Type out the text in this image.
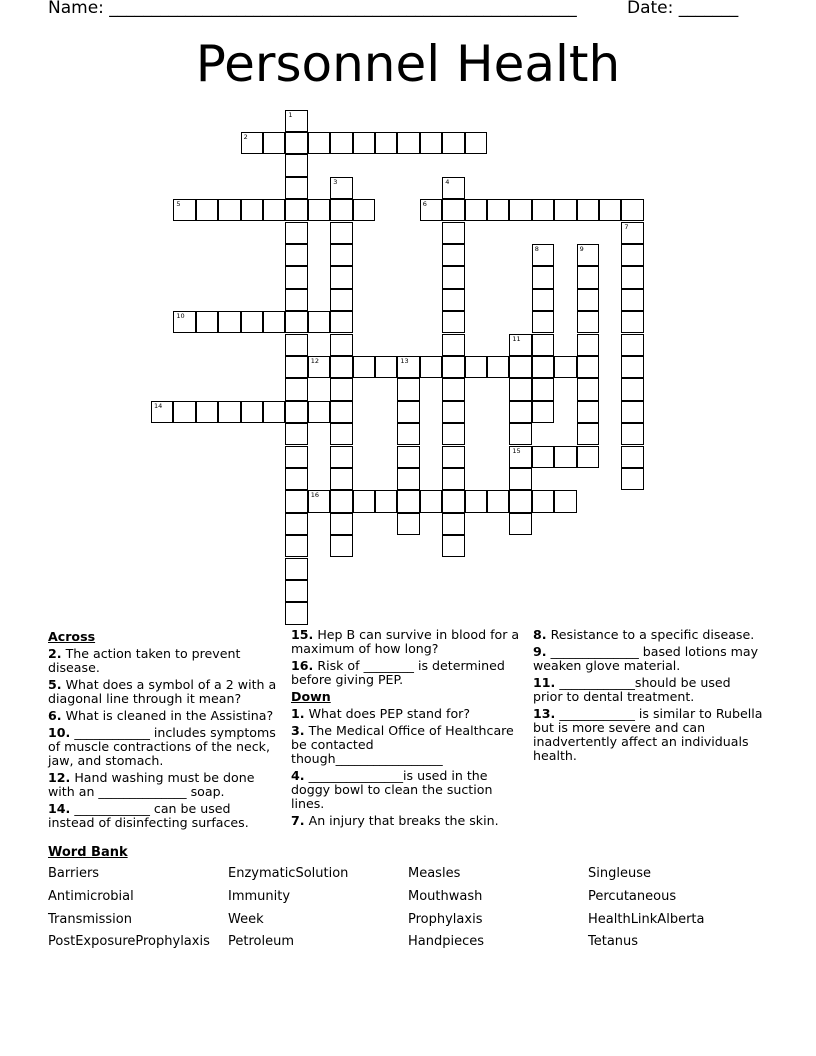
Name: _______________________________________________________	Date: _______
Personnel Health
1
2
3	4
5	6
7
8	9
10
11
15
12	13
14
16
Across
2. The action taken to prevent disease.
5. What does a symbol of a 2 with a diagonal line through it mean?
6. What is cleaned in the Assistina?
10. ____________ includes symptoms of muscle contractions of the neck, jaw, and stomach.
12. Hand washing must be done with an ______________ soap.
14. ____________ can be used instead of disinfecting surfaces.
15. Hep B can survive in blood for a maximum of how long?
16. Risk of ________ is determined before giving PEP.
Down
1. What does PEP stand for?
3. The Medical Office of Healthcare be contacted though_________________
4. _______________is used in the doggy bowl to clean the suction lines.
7. An injury that breaks the skin.
8. Resistance to a specific disease.
9. ______________ based lotions may weaken glove material.
11. ____________should be used prior to dental treatment.
13. ____________ is similar to Rubella but is more severe and can inadvertently affect an individuals health.
Word Bank
Barriers	EnzymaticSolution	Measles	Singleuse
Antimicrobial	Immunity	Mouthwash	Percutaneous
Transmission	Week	Prophylaxis	HealthLinkAlberta
PostExposureProphylaxis Petroleum	Handpieces	Tetanus
